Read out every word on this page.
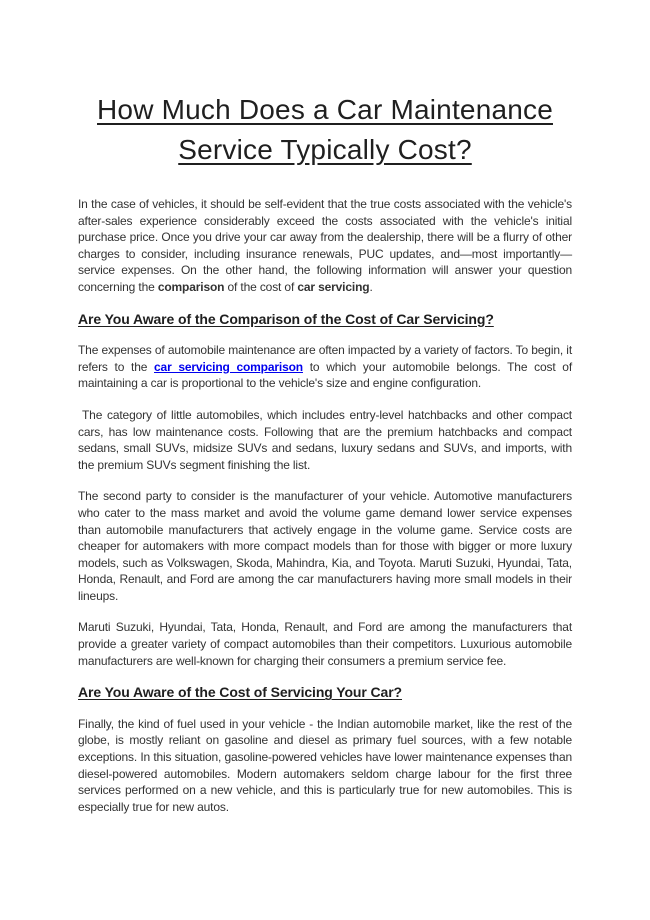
How Much Does a Car Maintenance Service Typically Cost?

In the case of vehicles, it should be self-evident that the true costs associated with the vehicle's after-sales experience considerably exceed the costs associated with the vehicle's initial purchase price. Once you drive your car away from the dealership, there will be a flurry of other charges to consider, including insurance renewals, PUC updates, and—most importantly—service expenses. On the other hand, the following information will answer your question concerning the comparison of the cost of car servicing.

Are You Aware of the Comparison of the Cost of Car Servicing?

The expenses of automobile maintenance are often impacted by a variety of factors. To begin, it refers to the car servicing comparison to which your automobile belongs. The cost of maintaining a car is proportional to the vehicle's size and engine configuration.

The category of little automobiles, which includes entry-level hatchbacks and other compact cars, has low maintenance costs. Following that are the premium hatchbacks and compact sedans, small SUVs, midsize SUVs and sedans, luxury sedans and SUVs, and imports, with the premium SUVs segment finishing the list.

The second party to consider is the manufacturer of your vehicle. Automotive manufacturers who cater to the mass market and avoid the volume game demand lower service expenses than automobile manufacturers that actively engage in the volume game. Service costs are cheaper for automakers with more compact models than for those with bigger or more luxury models, such as Volkswagen, Skoda, Mahindra, Kia, and Toyota. Maruti Suzuki, Hyundai, Tata, Honda, Renault, and Ford are among the car manufacturers having more small models in their lineups.

Maruti Suzuki, Hyundai, Tata, Honda, Renault, and Ford are among the manufacturers that provide a greater variety of compact automobiles than their competitors. Luxurious automobile manufacturers are well-known for charging their consumers a premium service fee.

Are You Aware of the Cost of Servicing Your Car?

Finally, the kind of fuel used in your vehicle - the Indian automobile market, like the rest of the globe, is mostly reliant on gasoline and diesel as primary fuel sources, with a few notable exceptions. In this situation, gasoline-powered vehicles have lower maintenance expenses than diesel-powered automobiles. Modern automakers seldom charge labour for the first three services performed on a new vehicle, and this is particularly true for new automobiles. This is especially true for new autos.
